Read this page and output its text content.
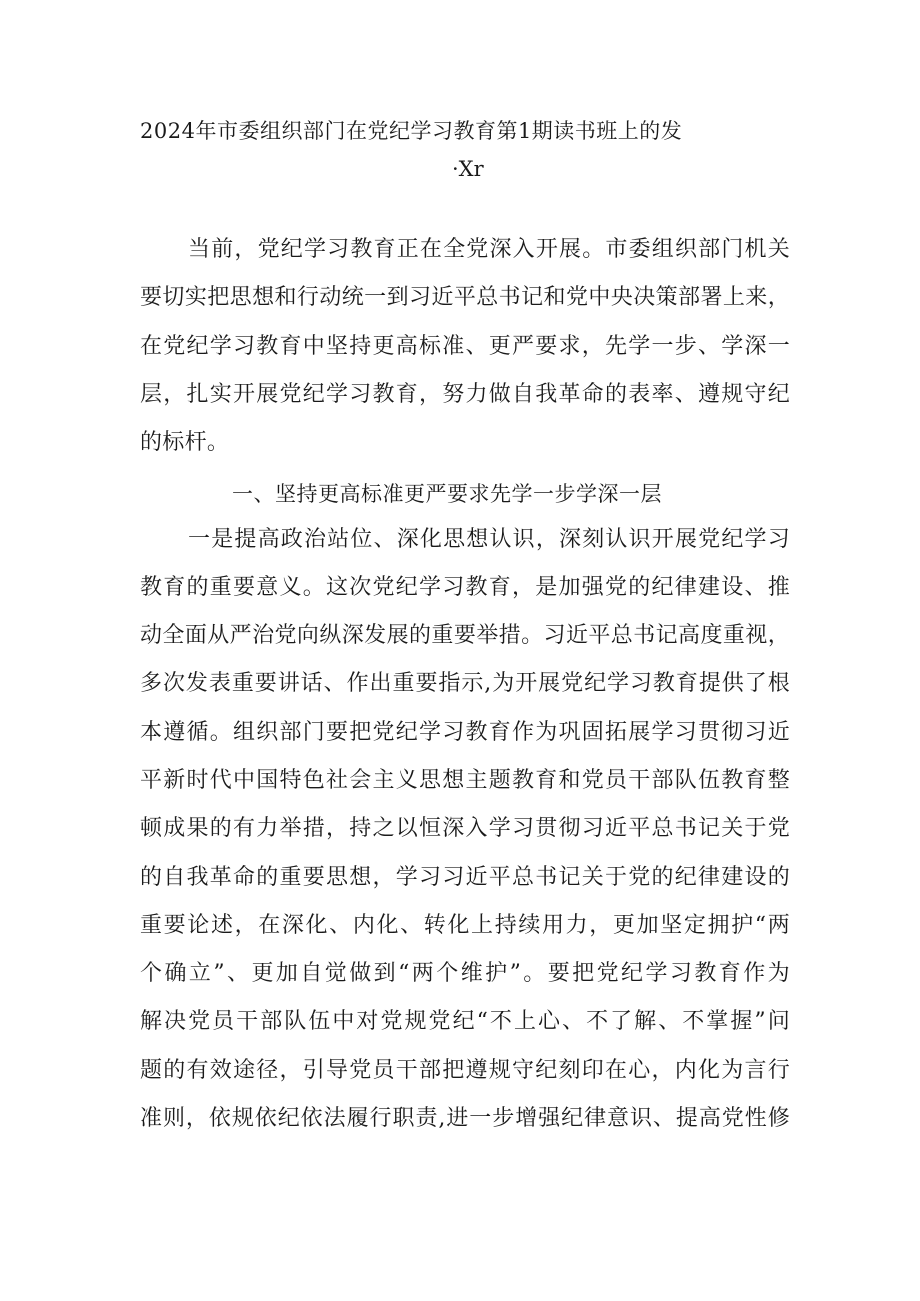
2024年市委组织部门在党纪学习教育第1期读书班上的发
·Xr
当前，党纪学习教育正在全党深入开展。市委组织部门机关
要切实把思想和行动统一到习近平总书记和党中央决策部署上来，
在党纪学习教育中坚持更高标准、更严要求，先学一步、学深一
层，扎实开展党纪学习教育，努力做自我革命的表率、遵规守纪
的标杆。
一、坚持更高标准更严要求先学一步学深一层
一是提高政治站位、深化思想认识，深刻认识开展党纪学习
教育的重要意义。这次党纪学习教育，是加强党的纪律建设、推
动全面从严治党向纵深发展的重要举措。习近平总书记高度重视，
多次发表重要讲话、作出重要指示,为开展党纪学习教育提供了根
本遵循。组织部门要把党纪学习教育作为巩固拓展学习贯彻习近
平新时代中国特色社会主义思想主题教育和党员干部队伍教育整
顿成果的有力举措，持之以恒深入学习贯彻习近平总书记关于党
的自我革命的重要思想，学习习近平总书记关于党的纪律建设的
重要论述，在深化、内化、转化上持续用力，更加坚定拥护“两
个确立”、更加自觉做到“两个维护”。要把党纪学习教育作为
解决党员干部队伍中对党规党纪“不上心、不了解、不掌握”问
题的有效途径，引导党员干部把遵规守纪刻印在心，内化为言行
准则，依规依纪依法履行职责,进一步增强纪律意识、提高党性修
